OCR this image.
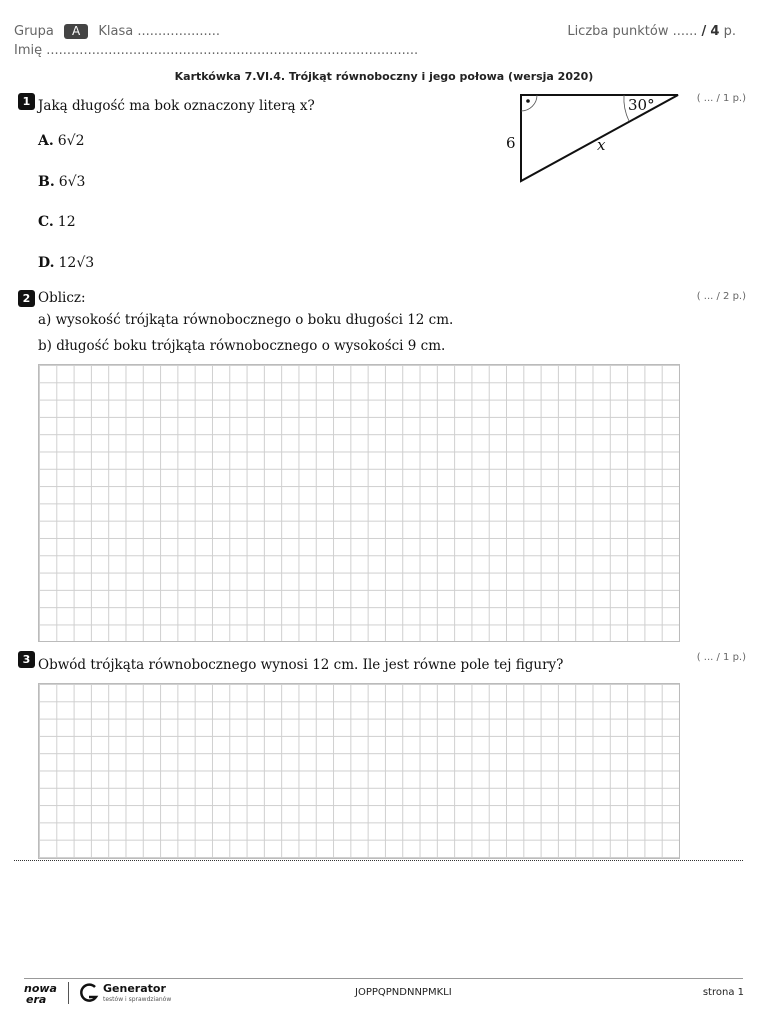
Grupa A Klasa ....................	Liczba punktów ...... / 4 p.
Imię ..........................................................................................
Kartkówka 7.VI.4. Trójkąt równoboczny i jego połowa (wersja 2020)
1 Jaką długość ma bok oznaczony literą x?	( ... / 1 p.)
A. 6√2
B. 6√3
C. 12
D. 12√3
30°
6	x
2 Oblicz:	( ... / 2 p.)
a) wysokość trójkąta równobocznego o boku długości 12 cm.
b) długość boku trójkąta równobocznego o wysokości 9 cm.
3 Obwód trójkąta równobocznego wynosi 12 cm. Ile jest równe pole tej figury?	( ... / 1 p.)
nowa
era
Generator
testów i sprawdzianów
JOPPQPNDNNPMKLI	strona 1
